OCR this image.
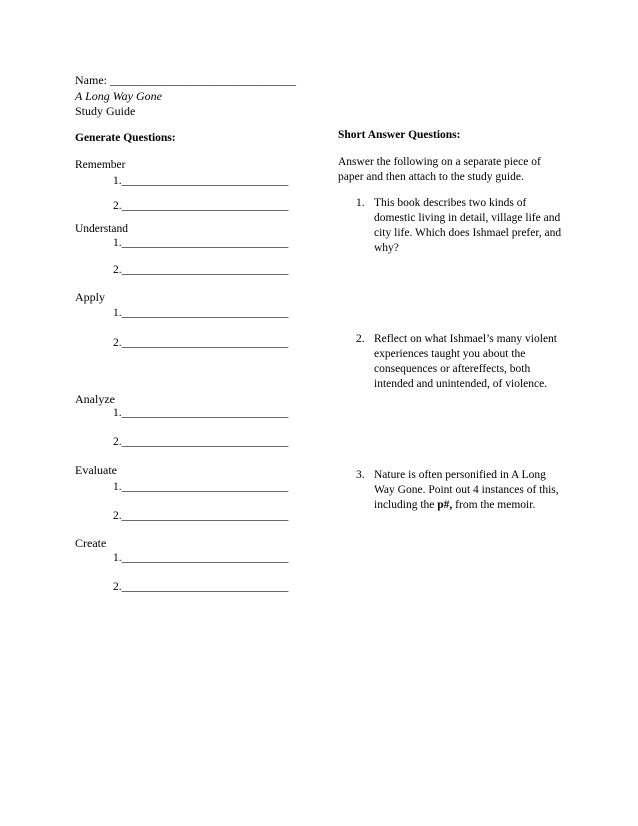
Name: _______________________________
A Long Way Gone
Study Guide
Generate Questions:
Remember
1._____________________________
2._____________________________
Understand
1._____________________________
2._____________________________
Apply
1._____________________________
2._____________________________
Analyze
1._____________________________
2._____________________________
Evaluate
1._____________________________
2._____________________________
Create
1._____________________________
2._____________________________
Short Answer Questions:
Answer the following on a separate piece of
paper and then attach to the study guide.
1. This book describes two kinds of
domestic living in detail, village life and
city life. Which does Ishmael prefer, and
why?
2. Reflect on what Ishmael’s many violent
experiences taught you about the
consequences or aftereffects, both
intended and unintended, of violence.
3. Nature is often personified in A Long
Way Gone. Point out 4 instances of this,
including the p#, from the memoir.
